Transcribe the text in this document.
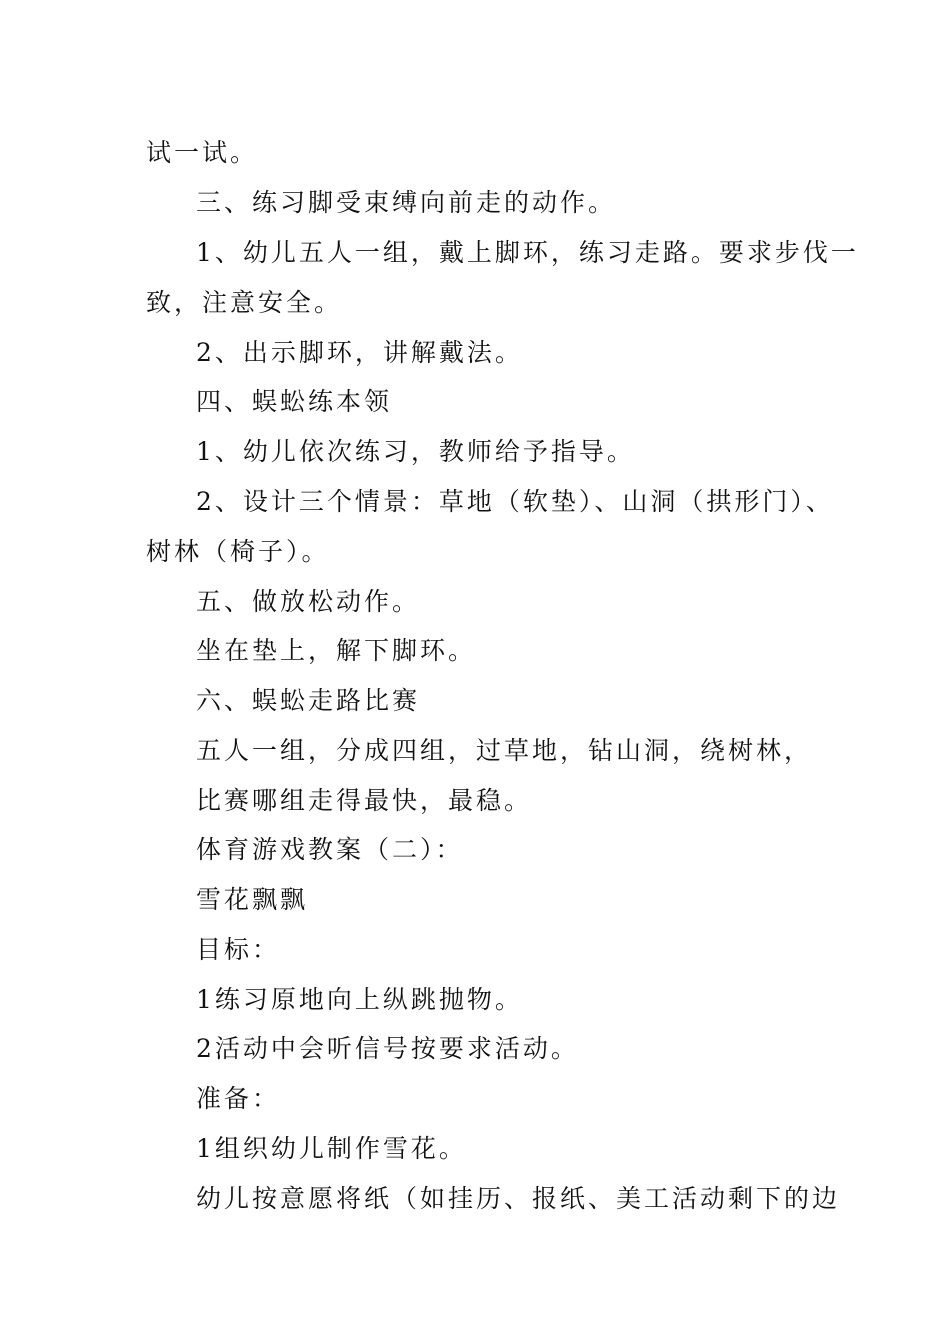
试一试。
三、练习脚受束缚向前走的动作。
1、幼儿五人一组，戴上脚环，练习走路。要求步伐一
致，注意安全。
2、出示脚环，讲解戴法。
四、蜈蚣练本领
1、幼儿依次练习，教师给予指导。
2、设计三个情景：草地（软垫）、山洞（拱形门）、
树林（椅子）。
五、做放松动作。
坐在垫上，解下脚环。
六、蜈蚣走路比赛
五人一组，分成四组，过草地，钻山洞，绕树林，
比赛哪组走得最快，最稳。
体育游戏教案（二）：
雪花飘飘
目标：
1练习原地向上纵跳抛物。
2活动中会听信号按要求活动。
准备：
1组织幼儿制作雪花。
幼儿按意愿将纸（如挂历、报纸、美工活动剩下的边
